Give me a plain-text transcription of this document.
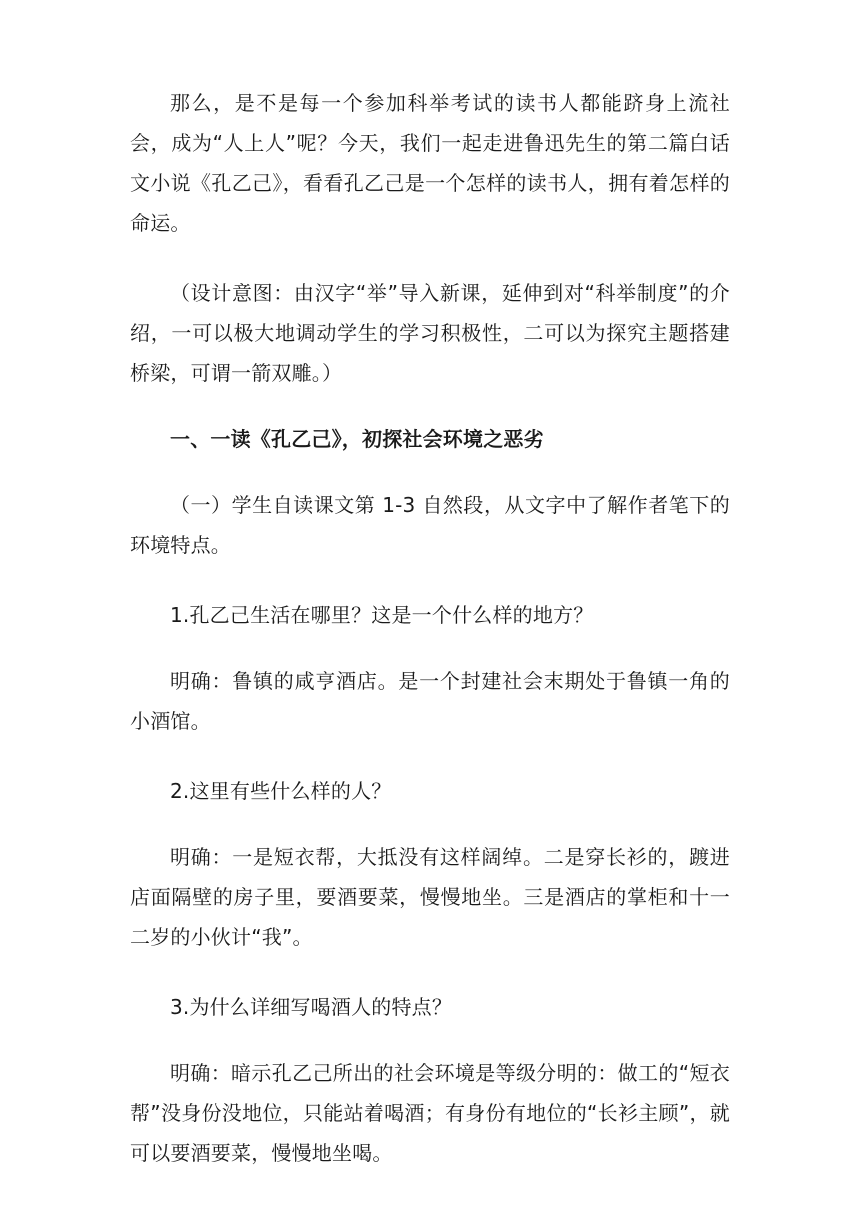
那么，是不是每一个参加科举考试的读书人都能跻身上流社会，成为“人上人”呢？今天，我们一起走进鲁迅先生的第二篇白话文小说《孔乙己》，看看孔乙己是一个怎样的读书人，拥有着怎样的命运。

（设计意图：由汉字“举”导入新课，延伸到对“科举制度”的介绍，一可以极大地调动学生的学习积极性，二可以为探究主题搭建桥梁，可谓一箭双雕。）

一、一读《孔乙己》，初探社会环境之恶劣

（一）学生自读课文第 1-3 自然段，从文字中了解作者笔下的环境特点。

1.孔乙己生活在哪里？这是一个什么样的地方？

明确：鲁镇的咸亨酒店。是一个封建社会末期处于鲁镇一角的小酒馆。

2.这里有些什么样的人？

明确：一是短衣帮，大抵没有这样阔绰。二是穿长衫的，踱进店面隔壁的房子里，要酒要菜，慢慢地坐。三是酒店的掌柜和十一二岁的小伙计“我”。

3.为什么详细写喝酒人的特点？

明确：暗示孔乙己所出的社会环境是等级分明的：做工的“短衣帮”没身份没地位，只能站着喝酒；有身份有地位的“长衫主顾”，就可以要酒要菜，慢慢地坐喝。
